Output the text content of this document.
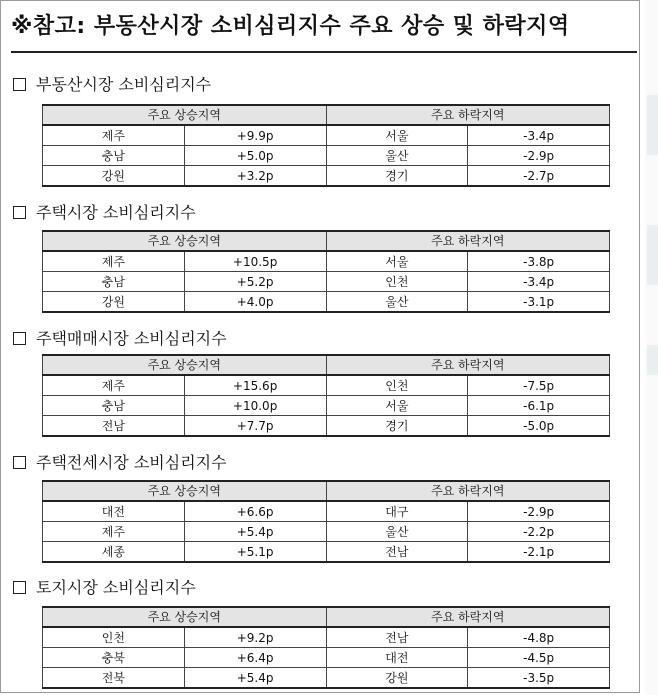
※참고: 부동산시장 소비심리지수 주요 상승 및 하락지역
부동산시장 소비심리지수
주요 상승지역		주요 하락지역	
제주	+9.9p	서울	-3.4p
충남	+5.0p	울산	-2.9p
강원	+3.2p	경기	-2.7p
주택시장 소비심리지수
주요 상승지역		주요 하락지역	
제주	+10.5p	서울	-3.8p
충남	+5.2p	인천	-3.4p
강원	+4.0p	울산	-3.1p
주택매매시장 소비심리지수
주요 상승지역		주요 하락지역	
제주	+15.6p	인천	-7.5p
충남	+10.0p	서울	-6.1p
전남	+7.7p	경기	-5.0p
주택전세시장 소비심리지수
주요 상승지역		주요 하락지역	
대전	+6.6p	대구	-2.9p
제주	+5.4p	울산	-2.2p
세종	+5.1p	전남	-2.1p
토지시장 소비심리지수
주요 상승지역		주요 하락지역	
인천	+9.2p	전남	-4.8p
충북	+6.4p	대전	-4.5p
전북	+5.4p	강원	-3.5p
